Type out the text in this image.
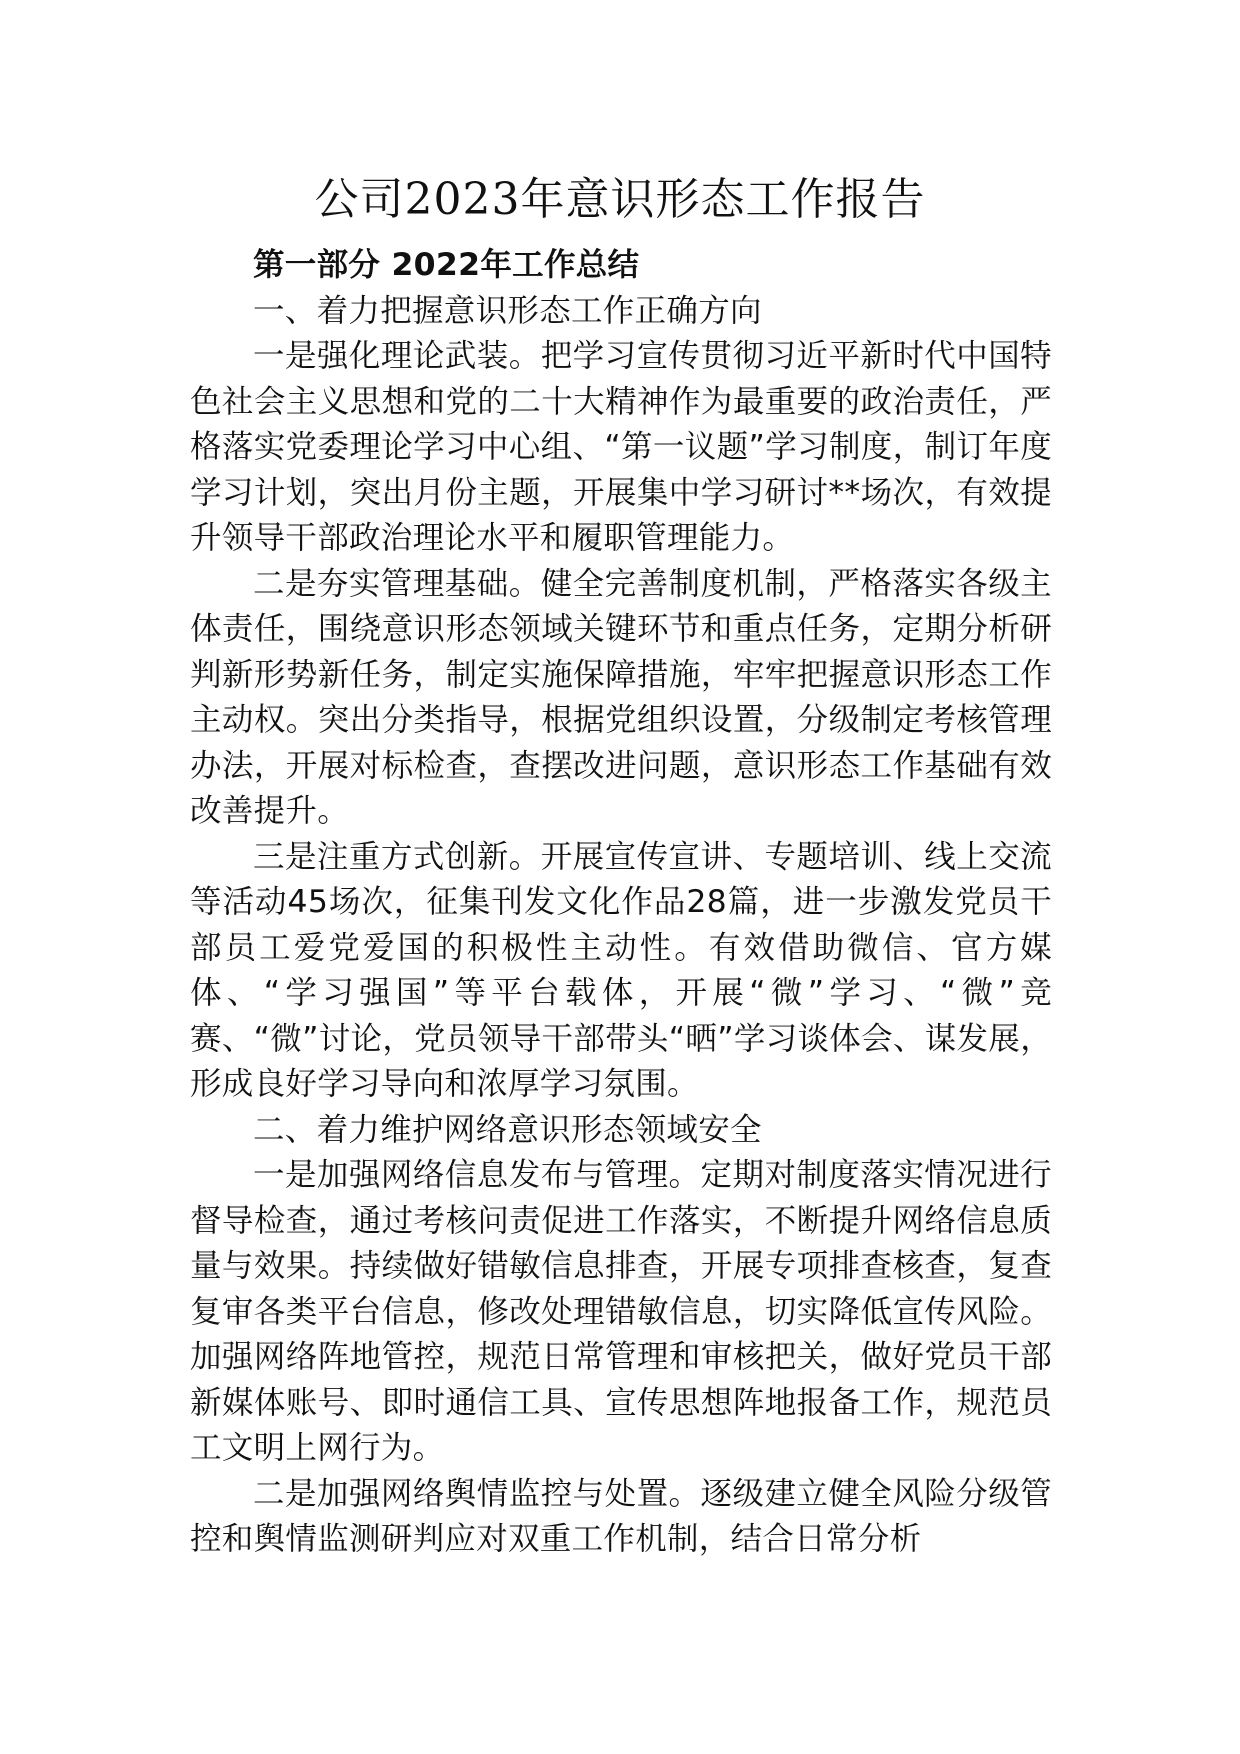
公司2023年意识形态工作报告

第一部分 2022年工作总结

一、着力把握意识形态工作正确方向

一是强化理论武装。把学习宣传贯彻习近平新时代中国特色社会主义思想和党的二十大精神作为最重要的政治责任，严格落实党委理论学习中心组、“第一议题”学习制度，制订年度学习计划，突出月份主题，开展集中学习研讨**场次，有效提升领导干部政治理论水平和履职管理能力。

二是夯实管理基础。健全完善制度机制，严格落实各级主体责任，围绕意识形态领域关键环节和重点任务，定期分析研判新形势新任务，制定实施保障措施，牢牢把握意识形态工作主动权。突出分类指导，根据党组织设置，分级制定考核管理办法，开展对标检查，查摆改进问题，意识形态工作基础有效改善提升。

三是注重方式创新。开展宣传宣讲、专题培训、线上交流等活动45场次，征集刊发文化作品28篇，进一步激发党员干部员工爱党爱国的积极性主动性。有效借助微信、官方媒体、“学习强国”等平台载体，开展“微”学习、“微”竞赛、“微”讨论，党员领导干部带头“晒”学习谈体会、谋发展，形成良好学习导向和浓厚学习氛围。

二、着力维护网络意识形态领域安全

一是加强网络信息发布与管理。定期对制度落实情况进行督导检查，通过考核问责促进工作落实，不断提升网络信息质量与效果。持续做好错敏信息排查，开展专项排查核查，复查复审各类平台信息，修改处理错敏信息，切实降低宣传风险。加强网络阵地管控，规范日常管理和审核把关，做好党员干部新媒体账号、即时通信工具、宣传思想阵地报备工作，规范员工文明上网行为。

二是加强网络舆情监控与处置。逐级建立健全风险分级管控和舆情监测研判应对双重工作机制，结合日常分析
